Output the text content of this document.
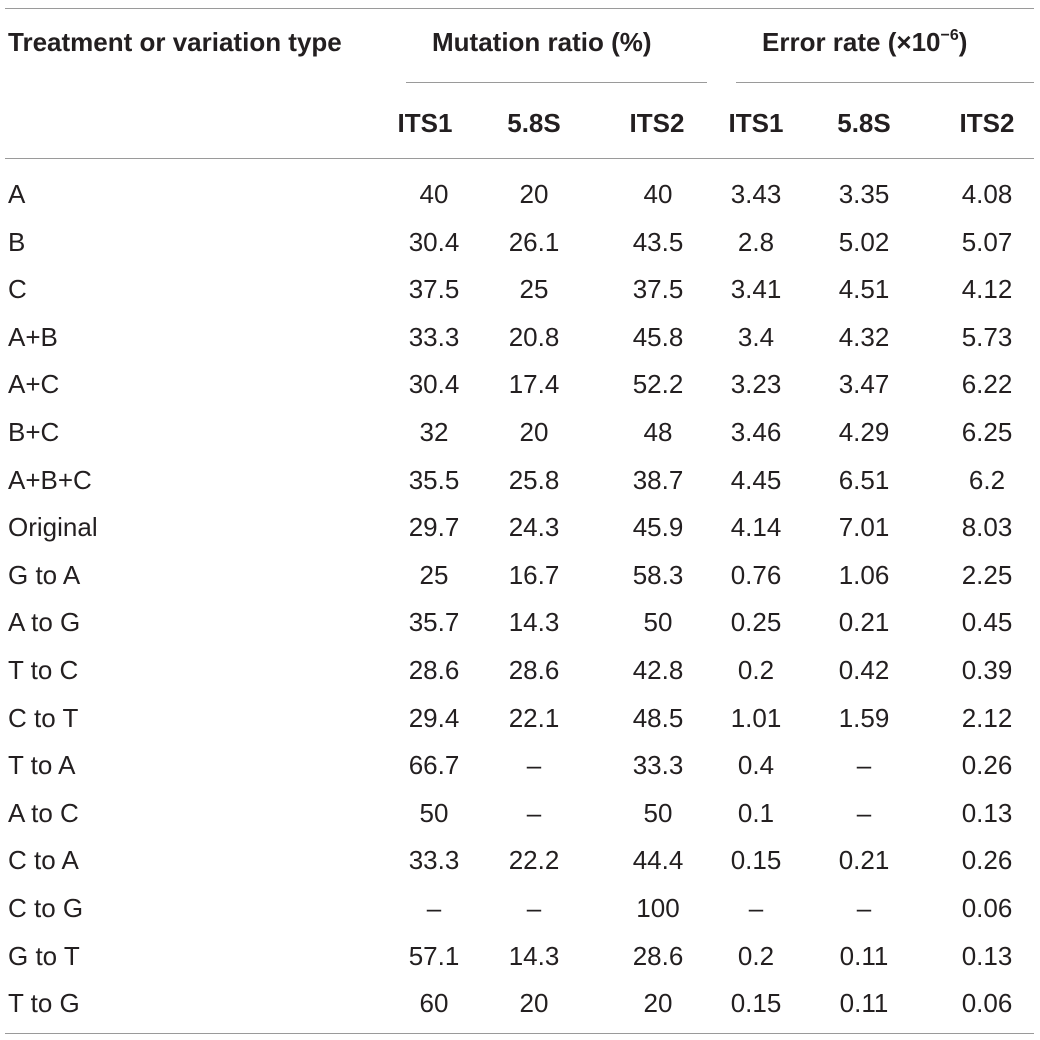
Treatment or variation type	Mutation ratio (%)	Error rate $(\times 10^{-6})$
ITS1	5.8S	ITS2	ITS1	5.8S	ITS2
A	40	20	40	3.43	3.35	4.08
B	30.4	26.1	43.5	2.8	5.02	5.07
C	37.5	25	37.5	3.41	4.51	4.12
A+B	33.3	20.8	45.8	3.4	4.32	5.73
A+C	30.4	17.4	52.2	3.23	3.47	6.22
B+C	32	20	48	3.46	4.29	6.25
A+B+C	35.5	25.8	38.7	4.45	6.51	6.2
Original	29.7	24.3	45.9	4.14	7.01	8.03
G to A	25	16.7	58.3	0.76	1.06	2.25
A to G	35.7	14.3	50	0.25	0.21	0.45
T to C	28.6	28.6	42.8	0.2	0.42	0.39
C to T	29.4	22.1	48.5	1.01	1.59	2.12
T to A	66.7	–	33.3	0.4	–	0.26
A to C	50	–	50	0.1	–	0.13
C to A	33.3	22.2	44.4	0.15	0.21	0.26
C to G	–	–	100	–	–	0.06
G to T	57.1	14.3	28.6	0.2	0.11	0.13
T to G	60	20	20	0.15	0.11	0.06
